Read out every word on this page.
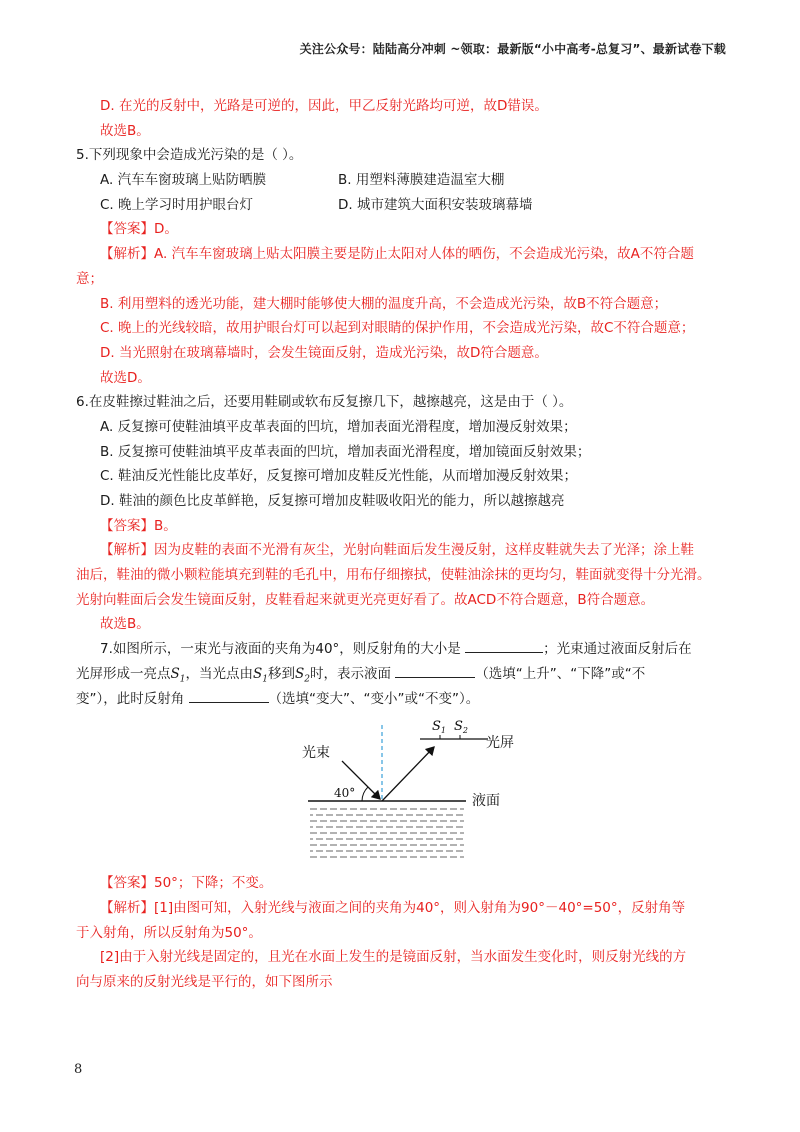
关注公众号：陆陆高分冲刺 ~领取：最新版“小中高考-总复习”、最新试卷下载
D. 在光的反射中，光路是可逆的，因此，甲乙反射光路均可逆，故D错误。
故选B。
5.下列现象中会造成光污染的是（ ）。
A. 汽车车窗玻璃上贴防晒膜	B. 用塑料薄膜建造温室大棚
C. 晚上学习时用护眼台灯	D. 城市建筑大面积安装玻璃幕墙
【答案】D。
【解析】A. 汽车车窗玻璃上贴太阳膜主要是防止太阳对人体的晒伤，不会造成光污染，故A不符合题
意；
B. 利用塑料的透光功能，建大棚时能够使大棚的温度升高，不会造成光污染，故B不符合题意；
C. 晚上的光线较暗，故用护眼台灯可以起到对眼睛的保护作用，不会造成光污染，故C不符合题意；
D. 当光照射在玻璃幕墙时，会发生镜面反射，造成光污染，故D符合题意。
故选D。
6.在皮鞋擦过鞋油之后，还要用鞋刷或软布反复擦几下，越擦越亮，这是由于（ ）。
A. 反复擦可使鞋油填平皮革表面的凹坑，增加表面光滑程度，增加漫反射效果；
B. 反复擦可使鞋油填平皮革表面的凹坑，增加表面光滑程度，增加镜面反射效果；
C. 鞋油反光性能比皮革好，反复擦可增加皮鞋反光性能，从而增加漫反射效果；
D. 鞋油的颜色比皮革鲜艳，反复擦可增加皮鞋吸收阳光的能力，所以越擦越亮
【答案】B。
【解析】因为皮鞋的表面不光滑有灰尘，光射向鞋面后发生漫反射，这样皮鞋就失去了光泽；涂上鞋
油后，鞋油的微小颗粒能填充到鞋的毛孔中，用布仔细擦拭，使鞋油涂抹的更均匀，鞋面就变得十分光滑。
光射向鞋面后会发生镜面反射，皮鞋看起来就更光亮更好看了。故ACD不符合题意，B符合题意。
故选B。
7.如图所示，一束光与液面的夹角为40°，则反射角的大小是	；光束通过液面反射后在
光屏形成一亮点$S_1$，当光点由$S_1$移到$S_2$时，表示液面	（选填“上升”、“下降”或“不
变”），此时反射角	（选填“变大”、“变小”或“不变”）。
光束
光屏
液面
40°
$S_1$ $S_2$
【答案】50°；下降；不变。
【解析】[1]由图可知，入射光线与液面之间的夹角为40°，则入射角为90°－40°=50°，反射角等
于入射角，所以反射角为50°。
[2]由于入射光线是固定的，且光在水面上发生的是镜面反射，当水面发生变化时，则反射光线的方
向与原来的反射光线是平行的，如下图所示
8
